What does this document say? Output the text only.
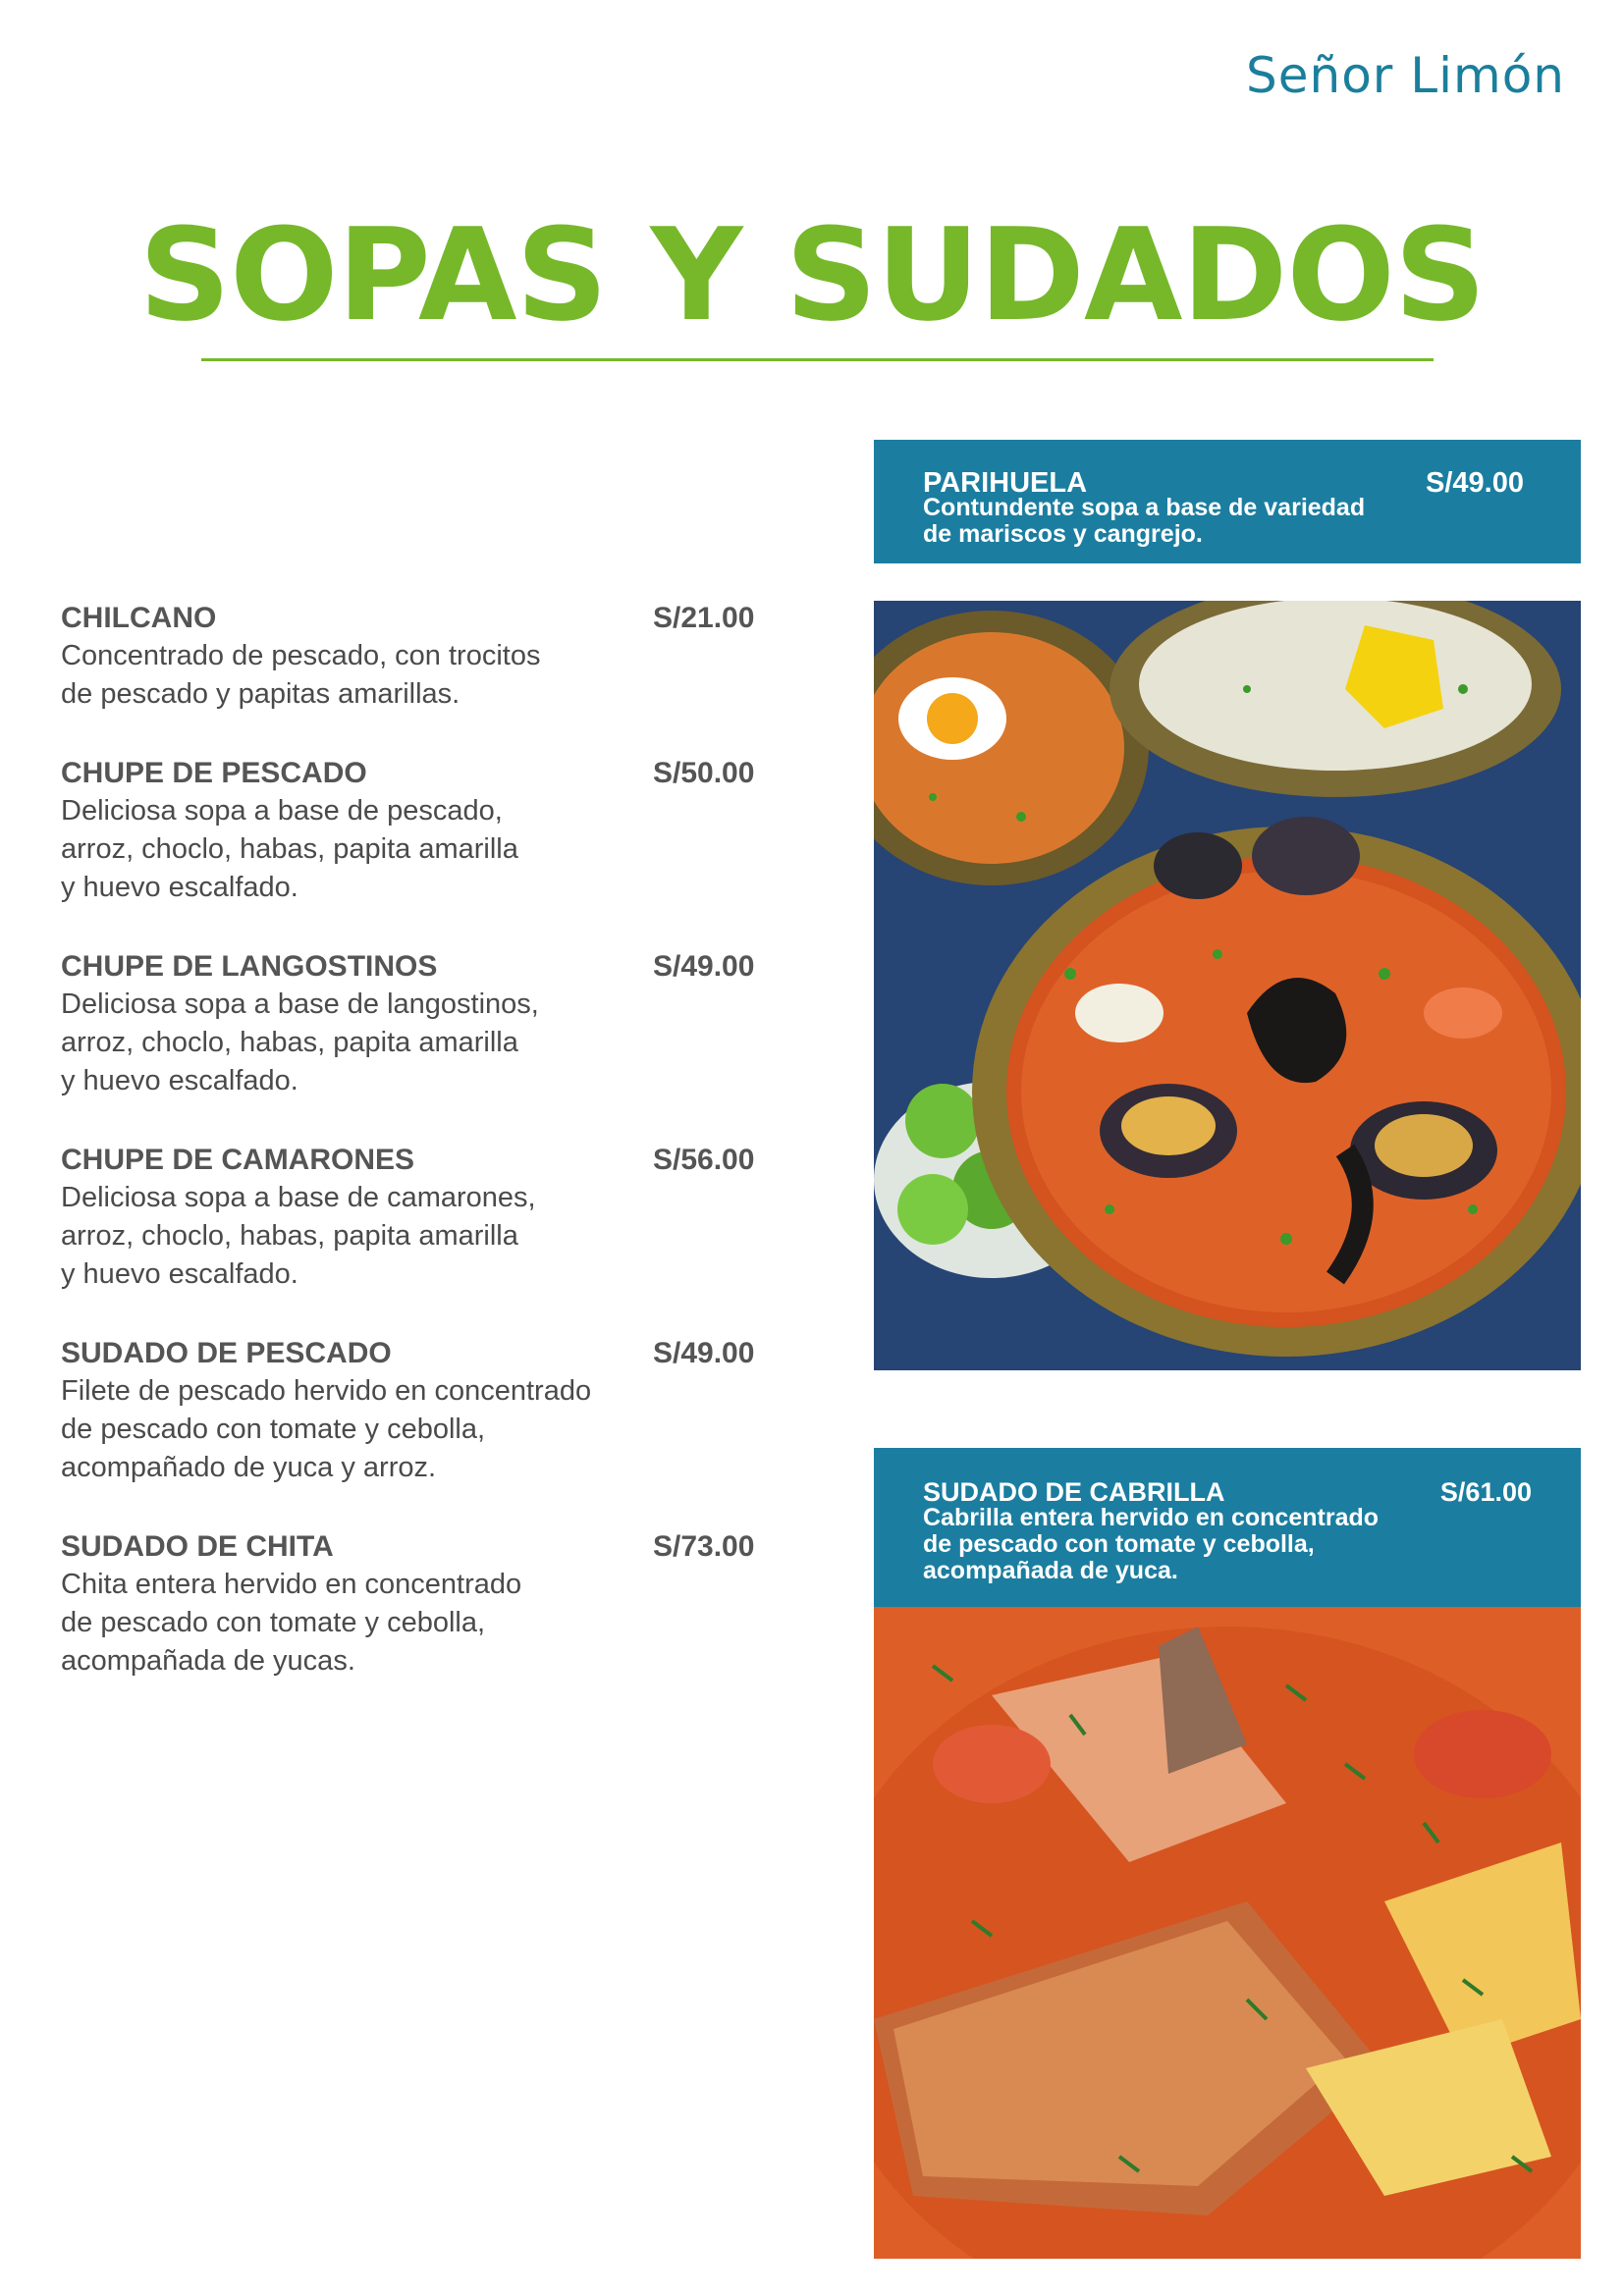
Señor Limón
SOPAS Y SUDADOS
CHILCANO	S/21.00
Concentrado de pescado, con trocitos
de pescado y papitas amarillas.
CHUPE DE PESCADO	S/50.00
Deliciosa sopa a base de pescado,
arroz, choclo, habas, papita amarilla
y huevo escalfado.
CHUPE DE LANGOSTINOS	S/49.00
Deliciosa sopa a base de langostinos,
arroz, choclo, habas, papita amarilla
y huevo escalfado.
CHUPE DE CAMARONES	S/56.00
Deliciosa sopa a base de camarones,
arroz, choclo, habas, papita amarilla
y huevo escalfado.
SUDADO DE PESCADO	S/49.00
Filete de pescado hervido en concentrado
de pescado con tomate y cebolla,
acompañado de yuca y arroz.
SUDADO DE CHITA	S/73.00
Chita entera hervido en concentrado
de pescado con tomate y cebolla,
acompañada de yucas.
PARIHUELA	S/49.00
Contundente sopa a base de variedad
de mariscos y cangrejo.
SUDADO DE CABRILLA	S/61.00
Cabrilla entera hervido en concentrado
de pescado con tomate y cebolla,
acompañada de yuca.
